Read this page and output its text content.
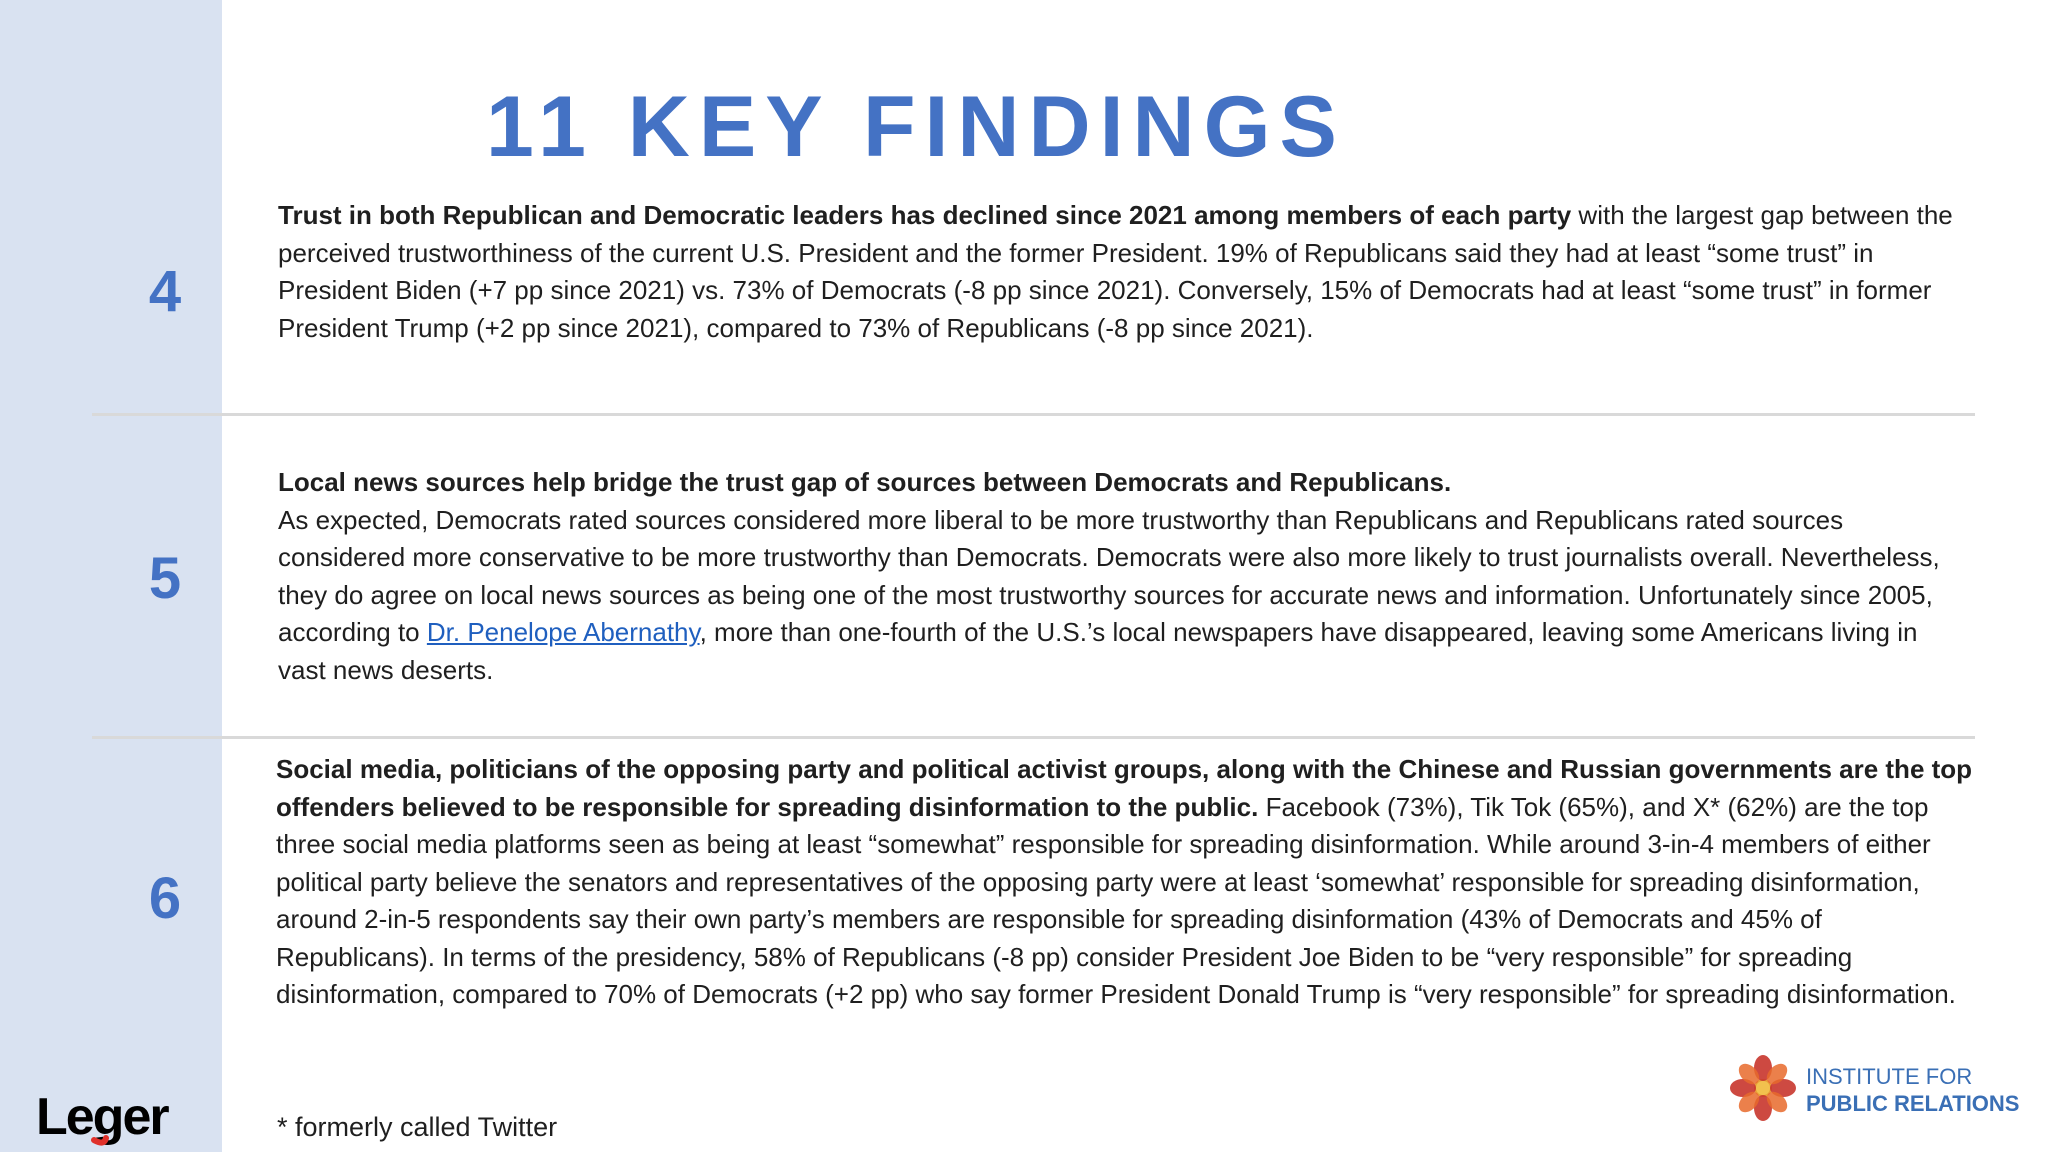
11 KEY FINDINGS
4

Trust in both Republican and Democratic leaders has declined since 2021 among members of each party with the largest gap between the perceived trustworthiness of the current U.S. President and the former President. 19% of Republicans said they had at least “some trust” in President Biden (+7 pp since 2021) vs. 73% of Democrats (-8 pp since 2021). Conversely, 15% of Democrats had at least “some trust” in former President Trump (+2 pp since 2021), compared to 73% of Republicans (-8 pp since 2021).

5

Local news sources help bridge the trust gap of sources between Democrats and Republicans.
As expected, Democrats rated sources considered more liberal to be more trustworthy than Republicans and Republicans rated sources considered more conservative to be more trustworthy than Democrats. Democrats were also more likely to trust journalists overall. Nevertheless, they do agree on local news sources as being one of the most trustworthy sources for accurate news and information. Unfortunately since 2005, according to Dr. Penelope Abernathy, more than one-fourth of the U.S.’s local newspapers have disappeared, leaving some Americans living in vast news deserts.

6

Social media, politicians of the opposing party and political activist groups, along with the Chinese and Russian governments are the top offenders believed to be responsible for spreading disinformation to the public. Facebook (73%), Tik Tok (65%), and X* (62%) are the top three social media platforms seen as being at least “somewhat” responsible for spreading disinformation. While around 3-in-4 members of either political party believe the senators and representatives of the opposing party were at least ‘somewhat’ responsible for spreading disinformation, around 2-in-5 respondents say their own party’s members are responsible for spreading disinformation (43% of Democrats and 45% of Republicans). In terms of the presidency, 58% of Republicans (-8 pp) consider President Joe Biden to be “very responsible” for spreading disinformation, compared to 70% of Democrats (+2 pp) who say former President Donald Trump is “very responsible” for spreading disinformation.

* formerly called Twitter

Leger
INSTITUTE FOR
PUBLIC RELATIONS
